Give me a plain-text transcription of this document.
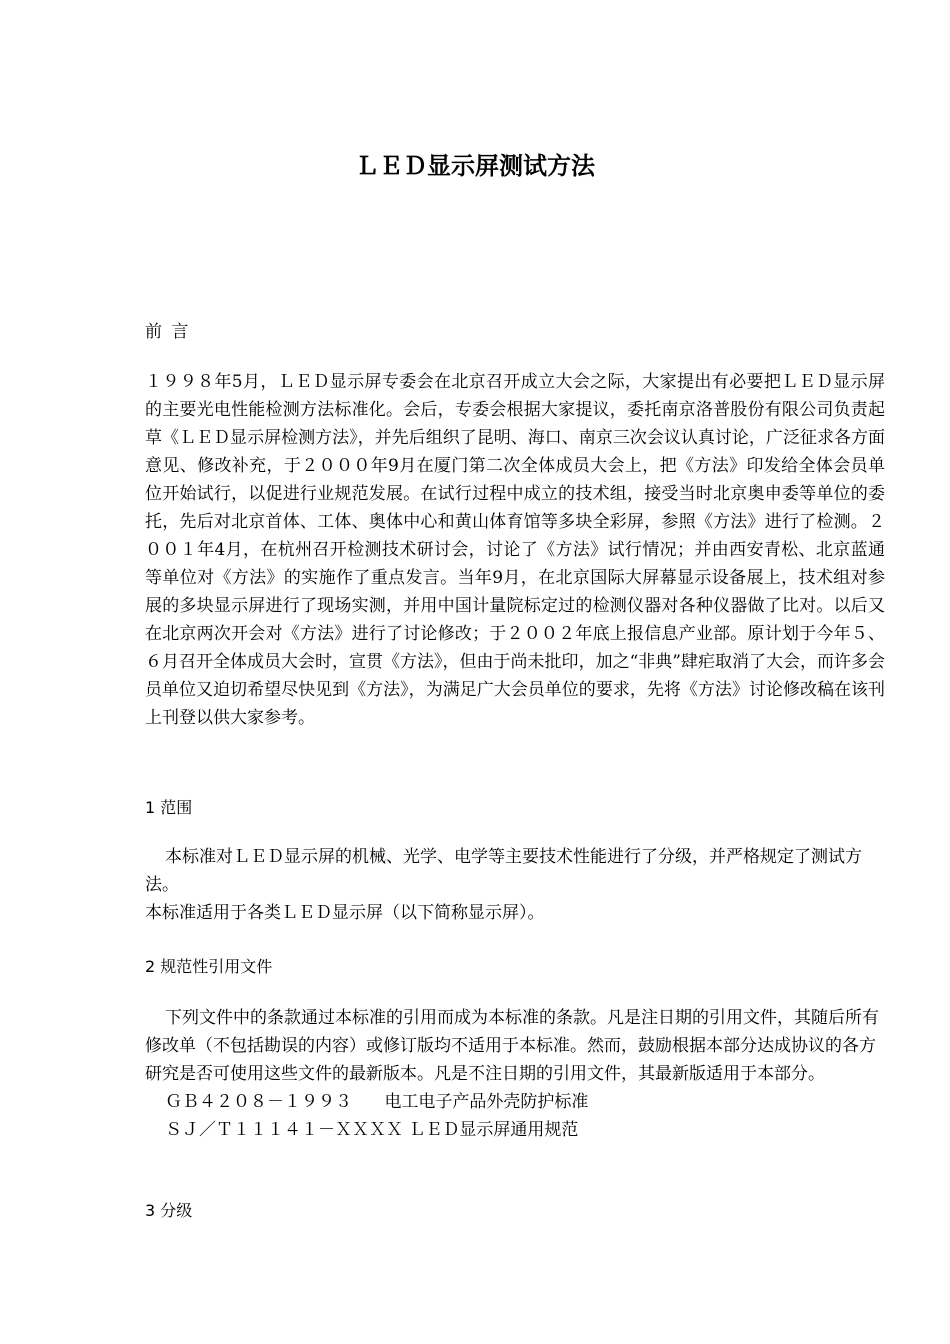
ＬＥＤ显示屏测试方法

前 言

１９９８年5月，ＬＥＤ显示屏专委会在北京召开成立大会之际，大家提出有必要把ＬＥＤ显示屏的主要光电性能检测方法标准化。会后，专委会根据大家提议，委托南京洛普股份有限公司负责起草《ＬＥＤ显示屏检测方法》，并先后组织了昆明、海口、南京三次会议认真讨论，广泛征求各方面意见、修改补充，于２０００年9月在厦门第二次全体成员大会上，把《方法》印发给全体会员单位开始试行，以促进行业规范发展。在试行过程中成立的技术组，接受当时北京奥申委等单位的委托，先后对北京首体、工体、奥体中心和黄山体育馆等多块全彩屏，参照《方法》进行了检测。２００１年4月，在杭州召开检测技术研讨会，讨论了《方法》试行情况；并由西安青松、北京蓝通等单位对《方法》的实施作了重点发言。当年9月，在北京国际大屏幕显示设备展上，技术组对参展的多块显示屏进行了现场实测，并用中国计量院标定过的检测仪器对各种仪器做了比对。以后又在北京两次开会对《方法》进行了讨论修改；于２００２年底上报信息产业部。原计划于今年５、６月召开全体成员大会时，宣贯《方法》，但由于尚未批印，加之“非典”肆疟取消了大会，而许多会员单位又迫切希望尽快见到《方法》，为满足广大会员单位的要求，先将《方法》讨论修改稿在该刊上刊登以供大家参考。

1 范围

本标准对ＬＥＤ显示屏的机械、光学、电学等主要技术性能进行了分级，并严格规定了测试方法。
本标准适用于各类ＬＥＤ显示屏（以下简称显示屏）。

2 规范性引用文件

下列文件中的条款通过本标准的引用而成为本标准的条款。凡是注日期的引用文件，其随后所有修改单（不包括勘误的内容）或修订版均不适用于本标准。然而，鼓励根据本部分达成协议的各方研究是否可使用这些文件的最新版本。凡是不注日期的引用文件，其最新版适用于本部分。
ＧＢ４２０８－１９９３ 电工电子产品外壳防护标准
ＳＪ／Ｔ１１１４１－ＸＸＸＸ ＬＥＤ显示屏通用规范

3 分级
